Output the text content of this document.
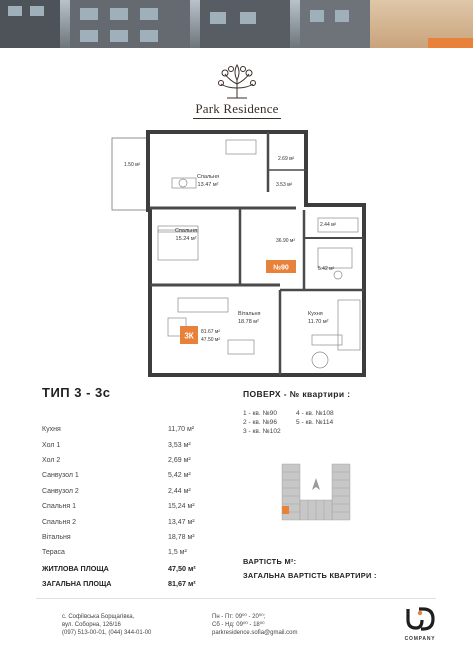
Park Residence
1.50 м²
Спальня
13.47 м²
2.69 м²
3.53 м²
Спальня
15.24 м²	36.90 м²
2.44 м²
5.42 м²
Вітальня
18.78 м²
Кухня
11.70 м²
№90
3К 81.67 м²
47.50 м²
ТИП 3 - 3с
Кухня	11,70 м²
Хол 1	3,53 м²
Хол 2	2,69 м²
Санвузол 1	5,42 м²
Санвузол 2	2,44 м²
Спальня 1	15,24 м²
Спальня 2	13,47 м²
Вітальня	18,78 м²
Тераса	1,5 м²
ЖИТЛОВА ПЛОЩА	47,50 м²
ЗАГАЛЬНА ПЛОЩА	81,67 м²
ПОВЕРХ - № квартири :
1 - кв. №90
2 - кв. №96
3 - кв. №102
4 - кв. №108
5 - кв. №114
ВАРТІСТЬ М²:
ЗАГАЛЬНА ВАРТІСТЬ КВАРТИРИ :
с. Софіївська Борщагівка,
вул. Соборна, 126/16
(097) 513-00-01, (044) 344-01-00
Пн - Пт: 09⁰⁰ - 20⁰⁰;
Сб - Нд: 09⁰⁰ - 18⁰⁰
parkresidence.sofia@gmail.com
COMPANY
